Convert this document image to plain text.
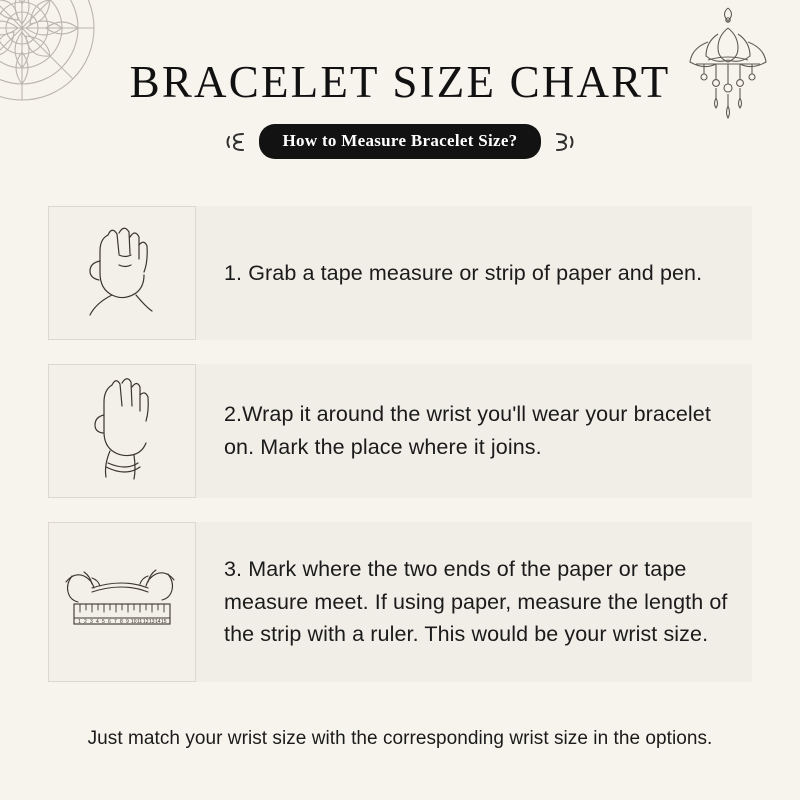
BRACELET SIZE CHART
How to Measure Bracelet Size?
1. Grab a tape measure or strip of paper and pen.
2.Wrap it around the wrist you'll wear your bracelet on. Mark the place where it joins.
1 2 3 4 5 6 7 8 9 10 11 12 13 14 15
3. Mark where the two ends of the paper or tape measure meet. If using paper, measure the length of the strip with a ruler. This would be your wrist size.
Just match your wrist size with the corresponding wrist size in the options.
